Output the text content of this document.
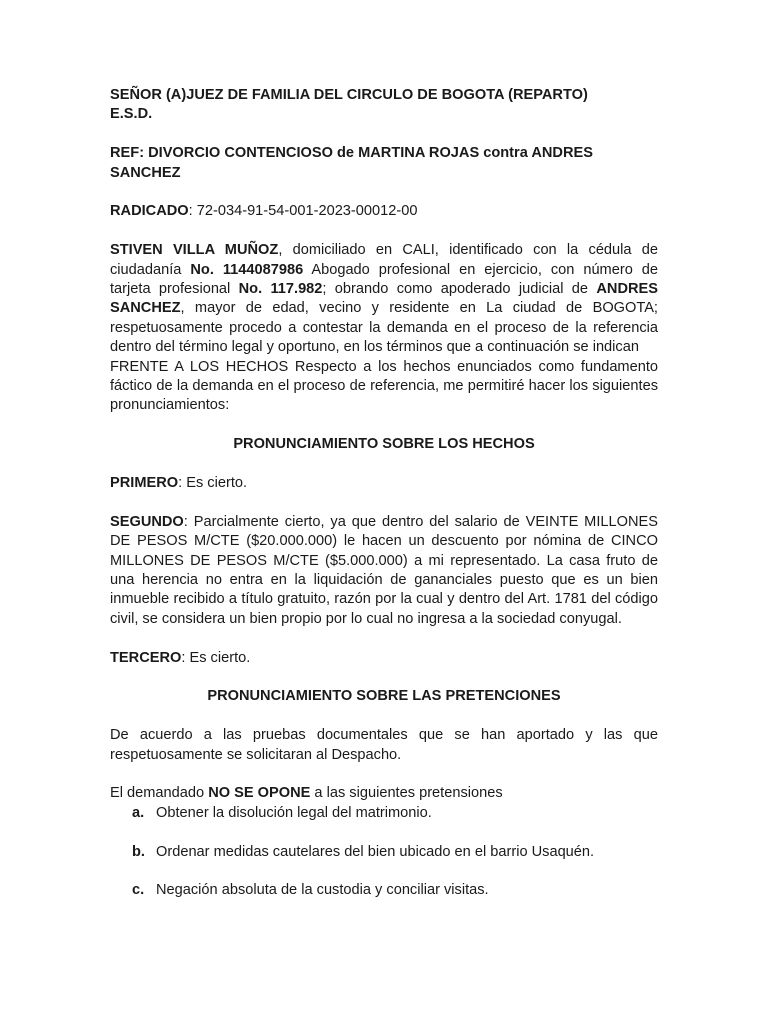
SEÑOR (A)JUEZ DE FAMILIA DEL CIRCULO DE BOGOTA (REPARTO)

E.S.D.

REF: DIVORCIO CONTENCIOSO de MARTINA ROJAS contra ANDRES SANCHEZ

RADICADO: 72-034-91-54-001-2023-00012-00

STIVEN VILLA MUÑOZ, domiciliado en CALI, identificado con la cédula de ciudadanía No. 1144087986 Abogado profesional en ejercicio, con número de tarjeta profesional No. 117.982; obrando como apoderado judicial de ANDRES SANCHEZ, mayor de edad, vecino y residente en La ciudad de BOGOTA; respetuosamente procedo a contestar la demanda en el proceso de la referencia dentro del término legal y oportuno, en los términos que a continuación se indican

FRENTE A LOS HECHOS Respecto a los hechos enunciados como fundamento fáctico de la demanda en el proceso de referencia, me permitiré hacer los siguientes pronunciamientos:

PRONUNCIAMIENTO SOBRE LOS HECHOS

PRIMERO: Es cierto.

SEGUNDO: Parcialmente cierto, ya que dentro del salario de VEINTE MILLONES DE PESOS M/CTE ($20.000.000) le hacen un descuento por nómina de CINCO MILLONES DE PESOS M/CTE ($5.000.000) a mi representado. La casa fruto de una herencia no entra en la liquidación de gananciales puesto que es un bien inmueble recibido a título gratuito, razón por la cual y dentro del Art. 1781 del código civil, se considera un bien propio por lo cual no ingresa a la sociedad conyugal.

TERCERO: Es cierto.

PRONUNCIAMIENTO SOBRE LAS PRETENCIONES

De acuerdo a las pruebas documentales que se han aportado y las que respetuosamente se solicitaran al Despacho.

El demandado NO SE OPONE a las siguientes pretensiones

a. Obtener la disolución legal del matrimonio.
b. Ordenar medidas cautelares del bien ubicado en el barrio Usaquén.
c. Negación absoluta de la custodia y conciliar visitas.
